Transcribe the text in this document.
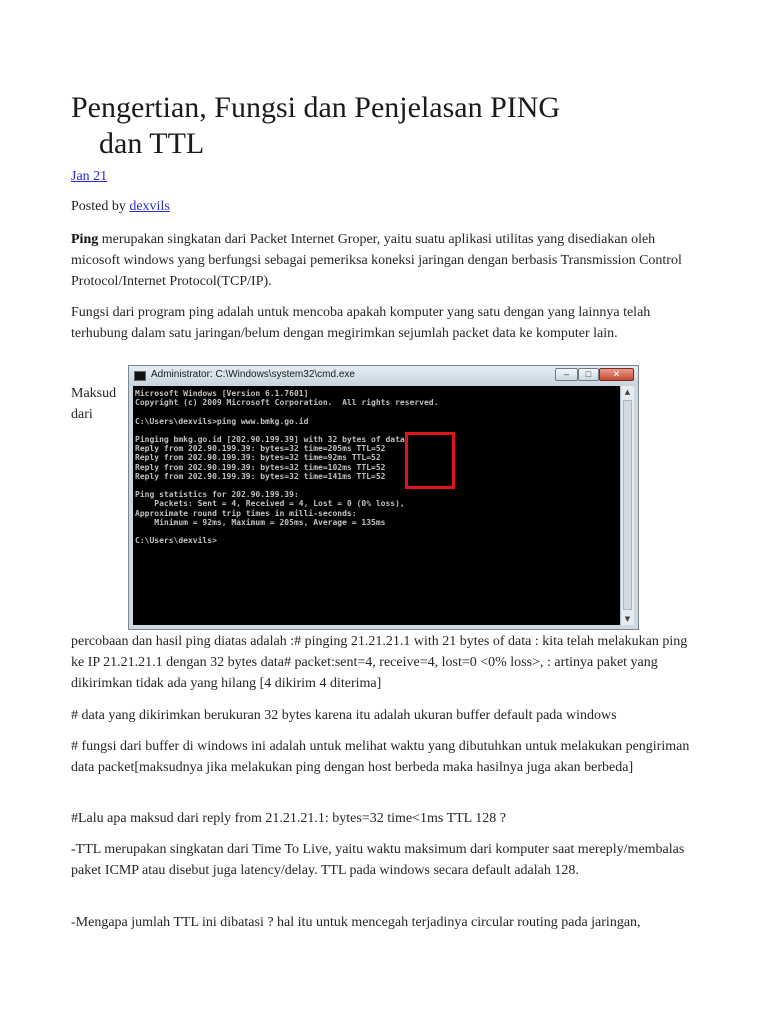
Pengertian, Fungsi dan Penjelasan PING
dan TTL
Jan 21
Posted by dexvils
Ping merupakan singkatan dari Packet Internet Groper, yaitu suatu aplikasi utilitas yang disediakan oleh micosoft windows yang berfungsi sebagai pemeriksa koneksi jaringan dengan berbasis Transmission Control Protocol/Internet Protocol(TCP/IP).
Fungsi dari program ping adalah untuk mencoba apakah komputer yang satu dengan yang lainnya telah terhubung dalam satu jaringan/belum dengan megirimkan sejumlah packet data ke komputer lain.
Maksud
dari
percobaan dan hasil ping diatas adalah :# pinging 21.21.21.1 with 21 bytes of data : kita telah melakukan ping ke IP 21.21.21.1 dengan 32 bytes data# packet:sent=4, receive=4, lost=0 <0% loss>, : artinya paket yang dikirimkan tidak ada yang hilang [4 dikirim 4 diterima]
# data yang dikirimkan berukuran 32 bytes karena itu adalah ukuran buffer default pada windows
# fungsi dari buffer di windows ini adalah untuk melihat waktu yang dibutuhkan untuk melakukan pengiriman data packet[maksudnya jika melakukan ping dengan host berbeda maka hasilnya juga akan berbeda]
#Lalu apa maksud dari reply from 21.21.21.1: bytes=32 time<1ms TTL 128 ?
-TTL merupakan singkatan dari Time To Live, yaitu waktu maksimum dari komputer saat mereply/membalas paket ICMP atau disebut juga latency/delay. TTL pada windows secara default adalah 128.
-Mengapa jumlah TTL ini dibatasi ? hal itu untuk mencegah terjadinya circular routing pada jaringan,
Administrator: C:\Windows\system32\cmd.exe	–	□	✕
Microsoft Windows [Version 6.1.7601]
Copyright (c) 2009 Microsoft Corporation.  All rights reserved.

C:\Users\dexvils>ping www.bmkg.go.id

Pinging bmkg.go.id [202.90.199.39] with 32 bytes of data:
Reply from 202.90.199.39: bytes=32 time=205ms TTL=52
Reply from 202.90.199.39: bytes=32 time=92ms TTL=52
Reply from 202.90.199.39: bytes=32 time=102ms TTL=52
Reply from 202.90.199.39: bytes=32 time=141ms TTL=52

Ping statistics for 202.90.199.39:
Packets: Sent = 4, Received = 4, Lost = 0 (0% loss),
Approximate round trip times in milli-seconds:
Minimum = 92ms, Maximum = 205ms, Average = 135ms

C:\Users\dexvils>
▲
▼
